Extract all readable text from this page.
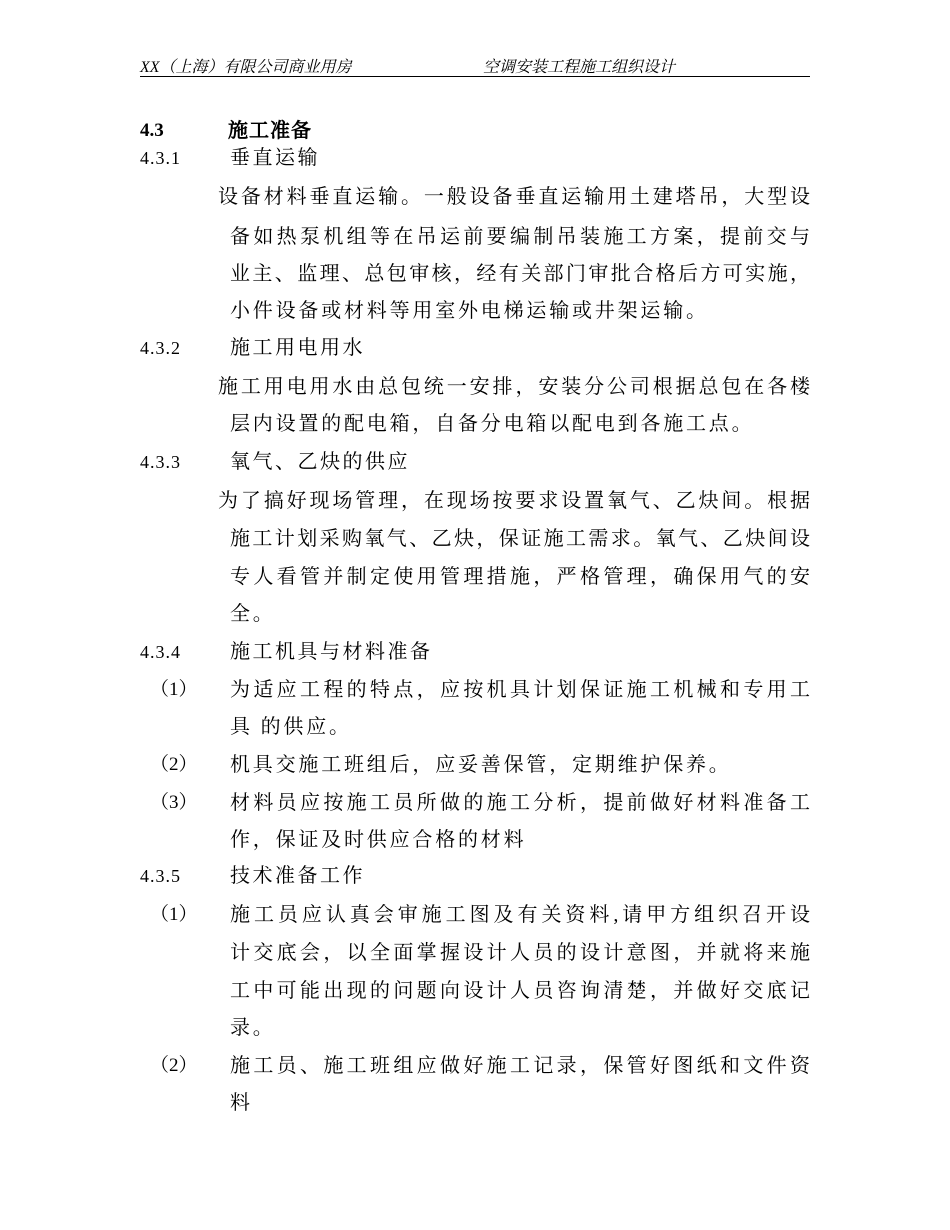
XX（上海）有限公司商业用房	空调安装工程施工组织设计
4.3	施工准备
4.3.1 垂直运输
设备材料垂直运输。一般设备垂直运输用土建塔吊，大型设
备如热泵机组等在吊运前要编制吊装施工方案，提前交与
业主、监理、总包审核，经有关部门审批合格后方可实施，
小件设备或材料等用室外电梯运输或井架运输。
4.3.2 施工用电用水
施工用电用水由总包统一安排，安装分公司根据总包在各楼
层内设置的配电箱，自备分电箱以配电到各施工点。
4.3.3 氧气、乙炔的供应
为了搞好现场管理，在现场按要求设置氧气、乙炔间。根据
施工计划采购氧气、乙炔，保证施工需求。氧气、乙炔间设
专人看管并制定使用管理措施，严格管理，确保用气的安
全。
4.3.4 施工机具与材料准备
（1） 为适应工程的特点，应按机具计划保证施工机械和专用工
具 的供应。
（2） 机具交施工班组后，应妥善保管，定期维护保养。
（3） 材料员应按施工员所做的施工分析，提前做好材料准备工
作，保证及时供应合格的材料
4.3.5 技术准备工作
（1） 施工员应认真会审施工图及有关资料,请甲方组织召开设
计交底会，以全面掌握设计人员的设计意图，并就将来施
工中可能出现的问题向设计人员咨询清楚，并做好交底记
录。
（2） 施工员、施工班组应做好施工记录，保管好图纸和文件资
料
